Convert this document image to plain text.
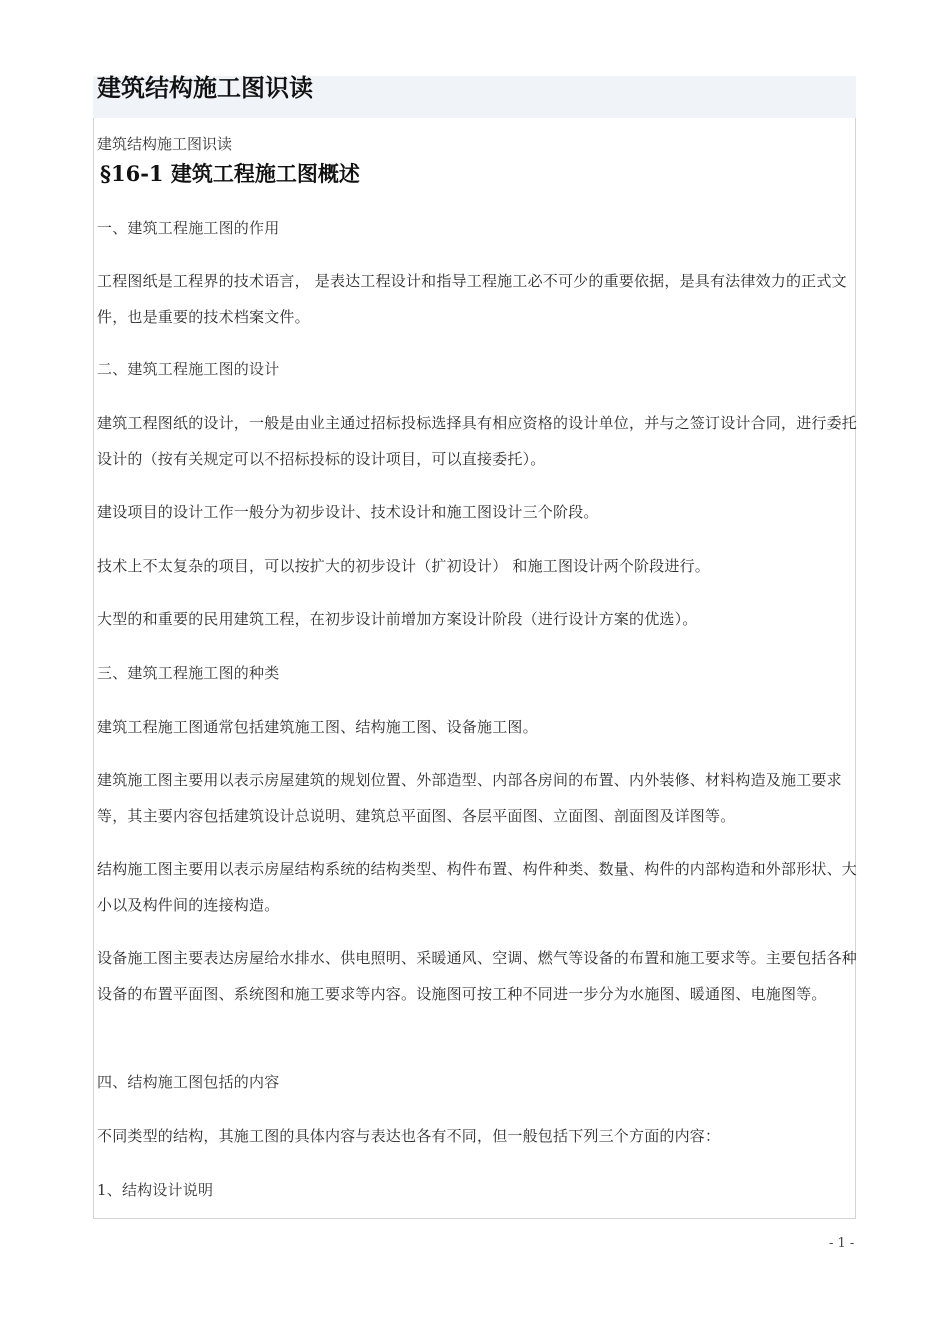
建筑结构施工图识读
建筑结构施工图识读
§16-1 建筑工程施工图概述

一、建筑工程施工图的作用

工程图纸是工程界的技术语言， 是表达工程设计和指导工程施工必不可少的重要依据，是具有法律效力的正式文件，也是重要的技术档案文件。

二、建筑工程施工图的设计

建筑工程图纸的设计，一般是由业主通过招标投标选择具有相应资格的设计单位，并与之签订设计合同，进行委托设计的（按有关规定可以不招标投标的设计项目，可以直接委托）。

建设项目的设计工作一般分为初步设计、技术设计和施工图设计三个阶段。

技术上不太复杂的项目，可以按扩大的初步设计（扩初设计） 和施工图设计两个阶段进行。

大型的和重要的民用建筑工程，在初步设计前增加方案设计阶段（进行设计方案的优选）。

三、建筑工程施工图的种类

建筑工程施工图通常包括建筑施工图、结构施工图、设备施工图。

建筑施工图主要用以表示房屋建筑的规划位置、外部造型、内部各房间的布置、内外装修、材料构造及施工要求等，其主要内容包括建筑设计总说明、建筑总平面图、各层平面图、立面图、剖面图及详图等。

结构施工图主要用以表示房屋结构系统的结构类型、构件布置、构件种类、数量、构件的内部构造和外部形状、大小以及构件间的连接构造。

设备施工图主要表达房屋给水排水、供电照明、采暖通风、空调、燃气等设备的布置和施工要求等。主要包括各种设备的布置平面图、系统图和施工要求等内容。设施图可按工种不同进一步分为水施图、暖通图、电施图等。

四、结构施工图包括的内容

不同类型的结构，其施工图的具体内容与表达也各有不同，但一般包括下列三个方面的内容：

1、结构设计说明

- 1 -
